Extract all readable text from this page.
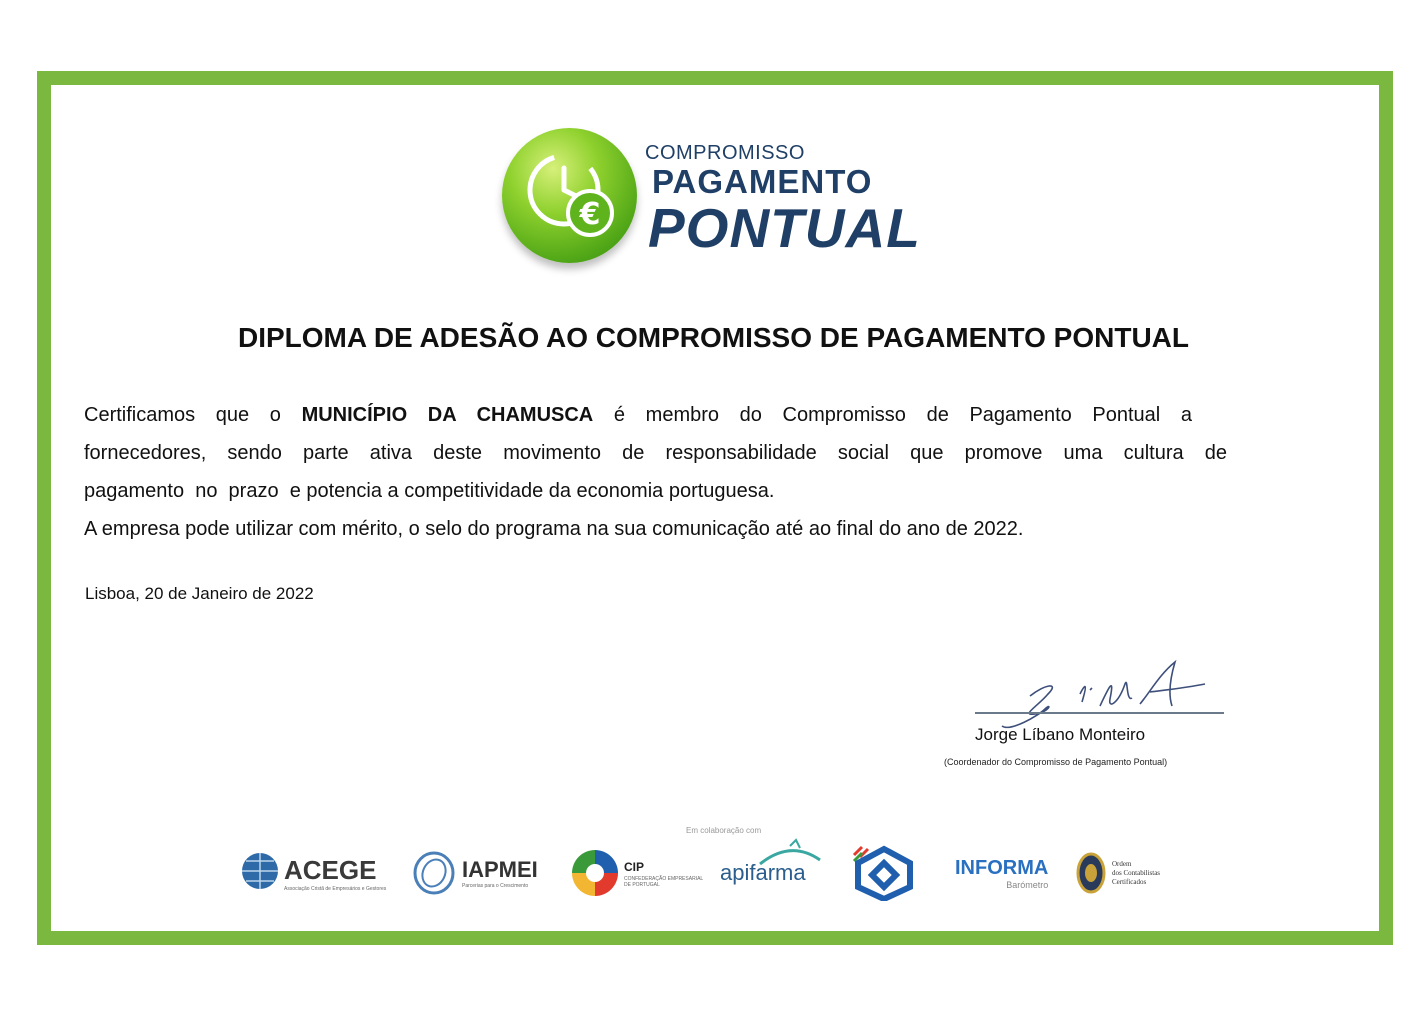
€
COMPROMISSO
PAGAMENTO
PONTUAL
DIPLOMA DE ADESÃO AO COMPROMISSO DE PAGAMENTO PONTUAL

Certificamos que o MUNICÍPIO DA CHAMUSCA é membro do Compromisso de Pagamento Pontual a

fornecedores, sendo parte ativa deste movimento de responsabilidade social que promove uma cultura de

pagamento  no  prazo  e potencia a competitividade da economia portuguesa.

A empresa pode utilizar com mérito, o selo do programa na sua comunicação até ao final do ano de 2022.

Lisboa, 20 de Janeiro de 2022
Jorge Líbano Monteiro
(Coordenador do Compromisso de Pagamento Pontual)
Em colaboração com
ACEGE
Associação Cristã de Empresários e Gestores
IAPMEI
Parcerias para o Crescimento
CIP
CONFEDERAÇÃO EMPRESARIAL DE PORTUGAL	apifarma	INFORMA
Barómetro
Ordem
dos Contabilistas
Certificados
